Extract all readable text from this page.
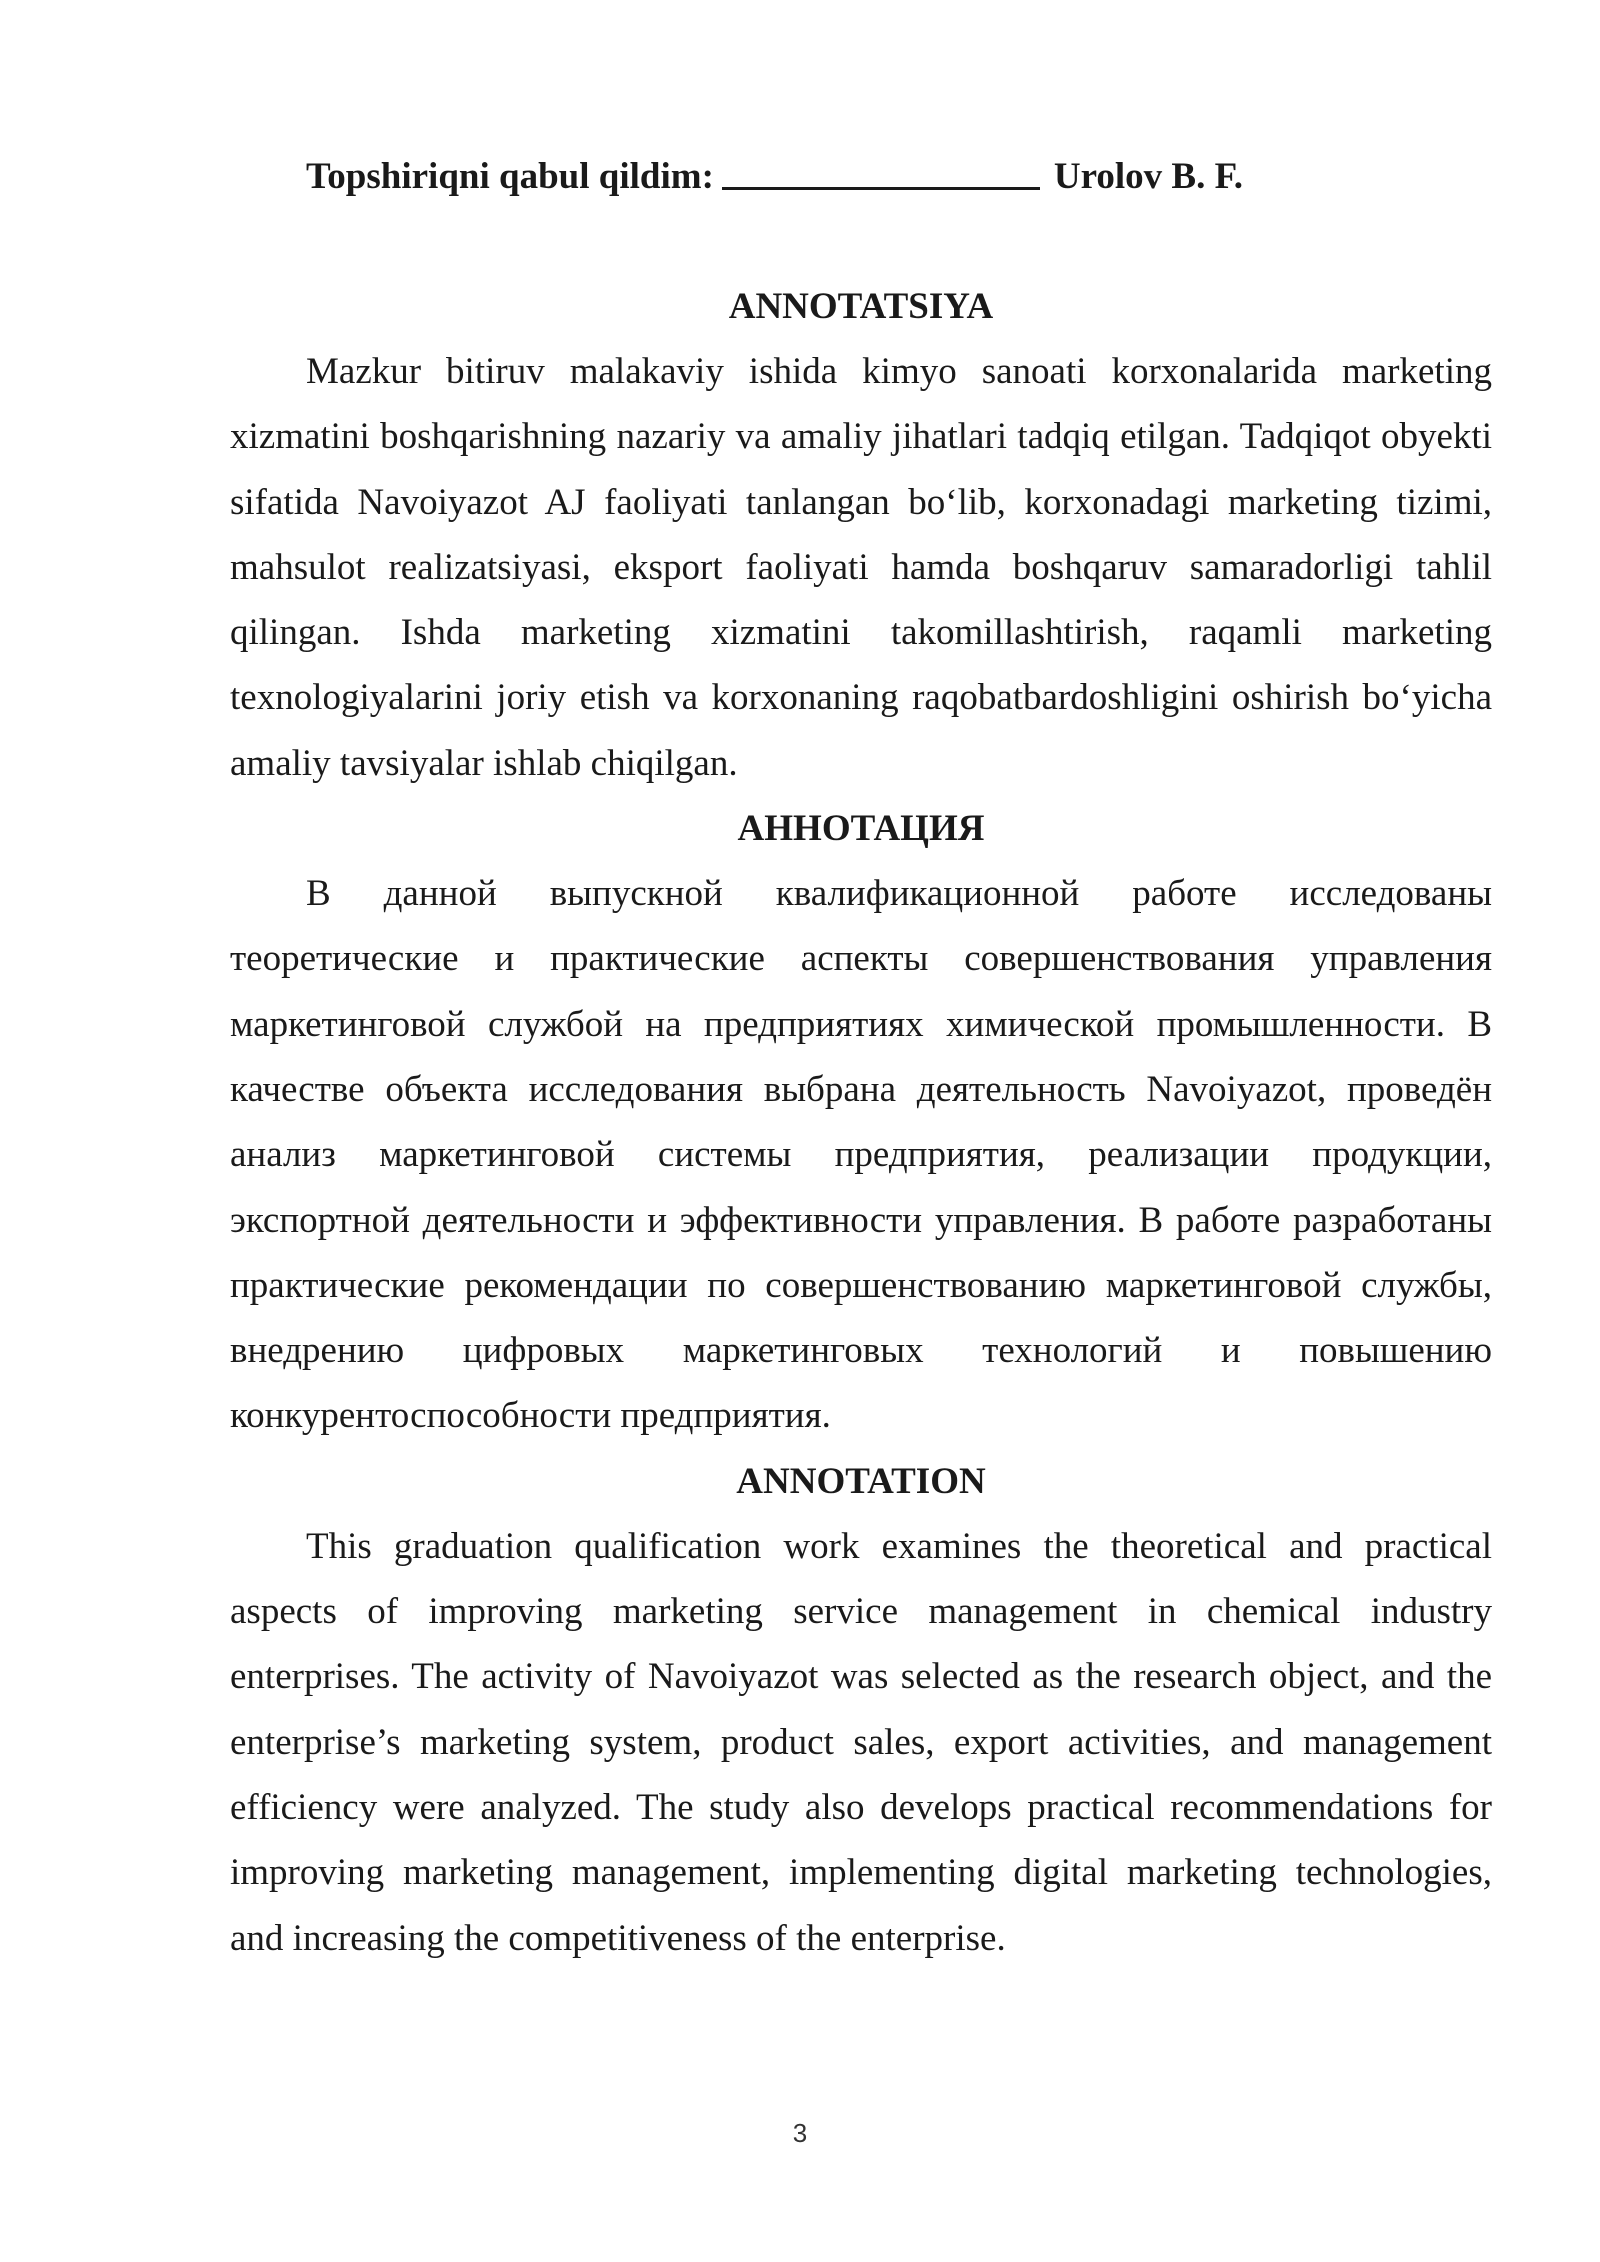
Topshiriqni qabul qildim:	Urolov B. F.
ANNOTATSIYA

Mazkur bitiruv malakaviy ishida kimyo sanoati korxonalarida marketing xizmatini boshqarishning nazariy va amaliy jihatlari tadqiq etilgan. Tadqiqot obyekti sifatida Navoiyazot AJ faoliyati tanlangan boʻlib, korxonadagi marketing tizimi, mahsulot realizatsiyasi, eksport faoliyati hamda boshqaruv samaradorligi tahlil qilingan. Ishda marketing xizmatini takomillashtirish, raqamli marketing texnologiyalarini joriy etish va korxonaning raqobatbardoshligini oshirish boʻyicha amaliy tavsiyalar ishlab chiqilgan.

АННОТАЦИЯ

В данной выпускной квалификационной работе исследованы теоретические и практические аспекты совершенствования управления маркетинговой службой на предприятиях химической промышленности. В качестве объекта исследования выбрана деятельность Navoiyazot, проведён анализ маркетинговой системы предприятия, реализации продукции, экспортной деятельности и эффективности управления. В работе разработаны практические рекомендации по совершенствованию маркетинговой службы, внедрению цифровых маркетинговых технологий и повышению конкурентоспособности предприятия.

ANNOTATION

This graduation qualification work examines the theoretical and practical aspects of improving marketing service management in chemical industry enterprises. The activity of Navoiyazot was selected as the research object, and the enterprise’s marketing system, product sales, export activities, and management efficiency were analyzed. The study also develops practical recommendations for improving marketing management, implementing digital marketing technologies, and increasing the competitiveness of the enterprise.

3
